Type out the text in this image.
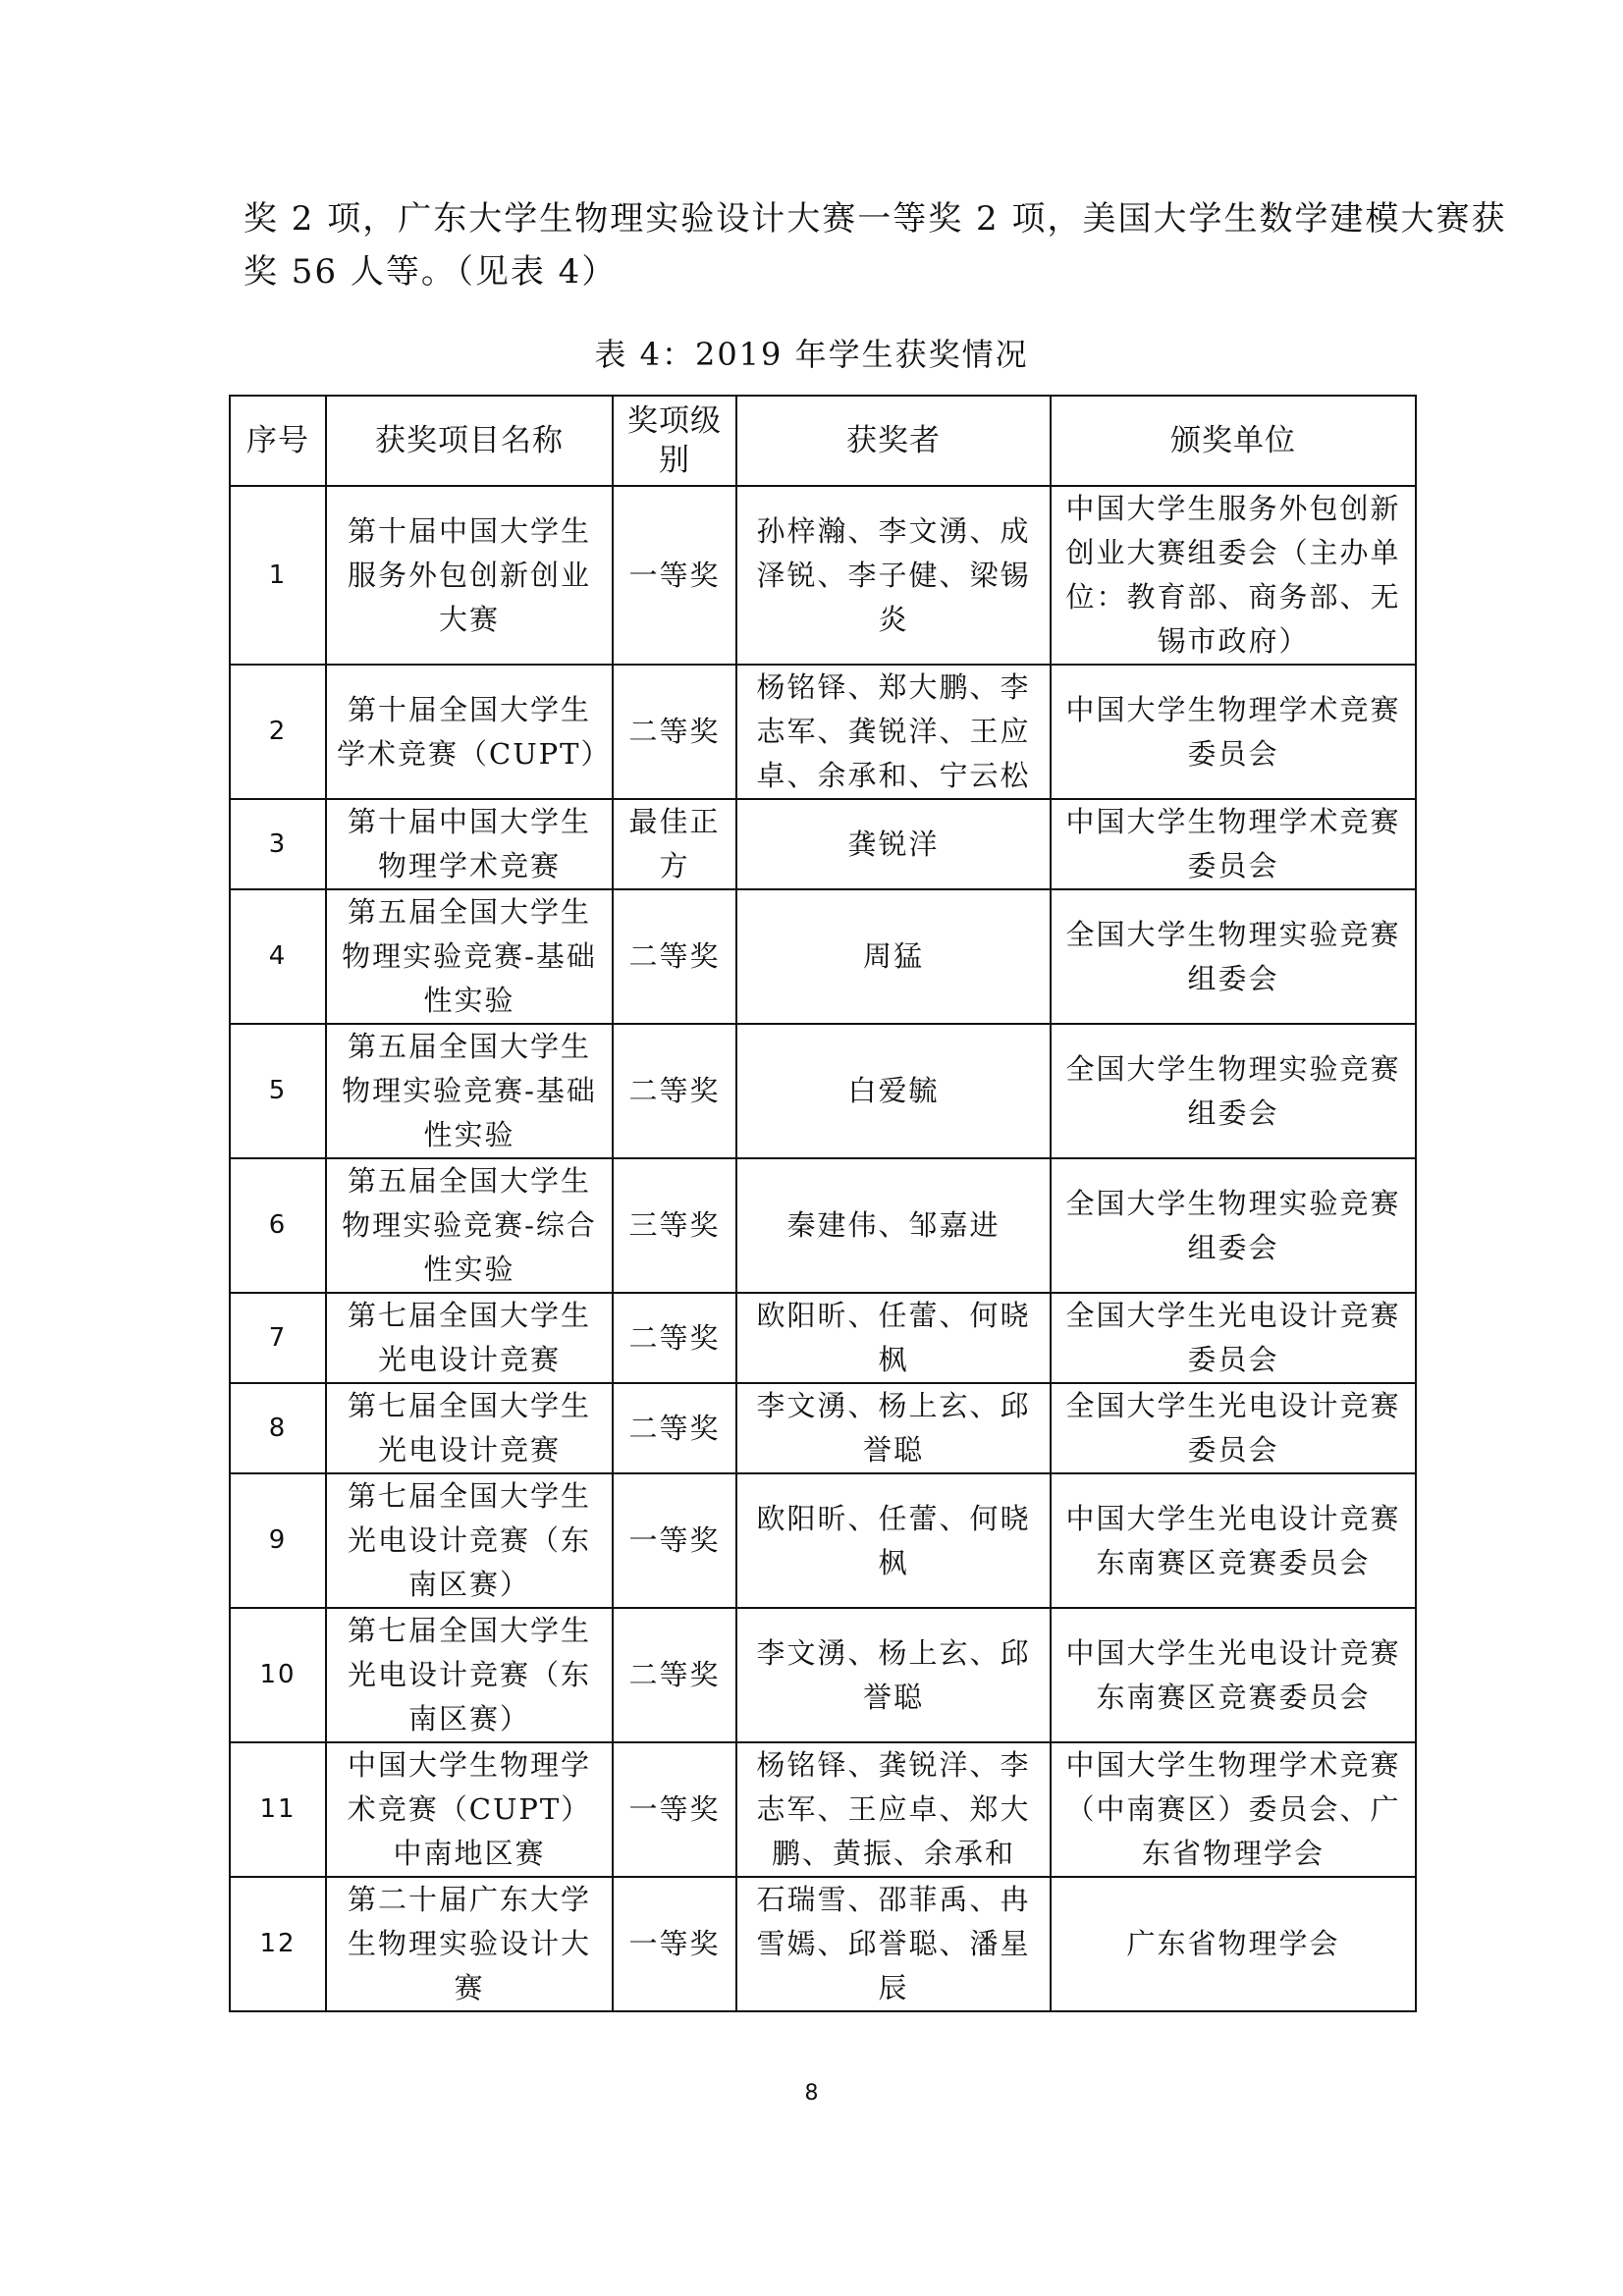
奖 2 项，广东大学生物理实验设计大赛一等奖 2 项，美国大学生数学建模大赛获
奖 56 人等。（见表 4）
表 4：2019 年学生获奖情况
序号	获奖项目名称	奖项级别	获奖者	颁奖单位
1	第十届中国大学生服务外包创新创业大赛	一等奖	孙梓瀚、李文湧、成泽锐、李子健、梁锡炎	中国大学生服务外包创新创业大赛组委会（主办单位：教育部、商务部、无锡市政府）
2	第十届全国大学生学术竞赛（CUPT）	二等奖	杨铭铎、郑大鹏、李志军、龚锐洋、王应卓、余承和、宁云松	中国大学生物理学术竞赛委员会
3	第十届中国大学生物理学术竞赛	最佳正方	龚锐洋	中国大学生物理学术竞赛委员会
4	第五届全国大学生物理实验竞赛-基础性实验	二等奖	周猛	全国大学生物理实验竞赛组委会
5	第五届全国大学生物理实验竞赛-基础性实验	二等奖	白爱毓	全国大学生物理实验竞赛组委会
6	第五届全国大学生物理实验竞赛-综合性实验	三等奖	秦建伟、邹嘉进	全国大学生物理实验竞赛组委会
7	第七届全国大学生光电设计竞赛	二等奖	欧阳昕、任蕾、何晓枫	全国大学生光电设计竞赛委员会
8	第七届全国大学生光电设计竞赛	二等奖	李文湧、杨上玄、邱誉聪	全国大学生光电设计竞赛委员会
9	第七届全国大学生光电设计竞赛（东南区赛）	一等奖	欧阳昕、任蕾、何晓枫	中国大学生光电设计竞赛东南赛区竞赛委员会
10	第七届全国大学生光电设计竞赛（东南区赛）	二等奖	李文湧、杨上玄、邱誉聪	中国大学生光电设计竞赛东南赛区竞赛委员会
11	中国大学生物理学术竞赛（CUPT）中南地区赛	一等奖	杨铭铎、龚锐洋、李志军、王应卓、郑大鹏、黄振、余承和	中国大学生物理学术竞赛（中南赛区）委员会、广东省物理学会
12	第二十届广东大学生物理实验设计大赛	一等奖	石瑞雪、邵菲禹、冉雪嫣、邱誉聪、潘星辰	广东省物理学会
8
